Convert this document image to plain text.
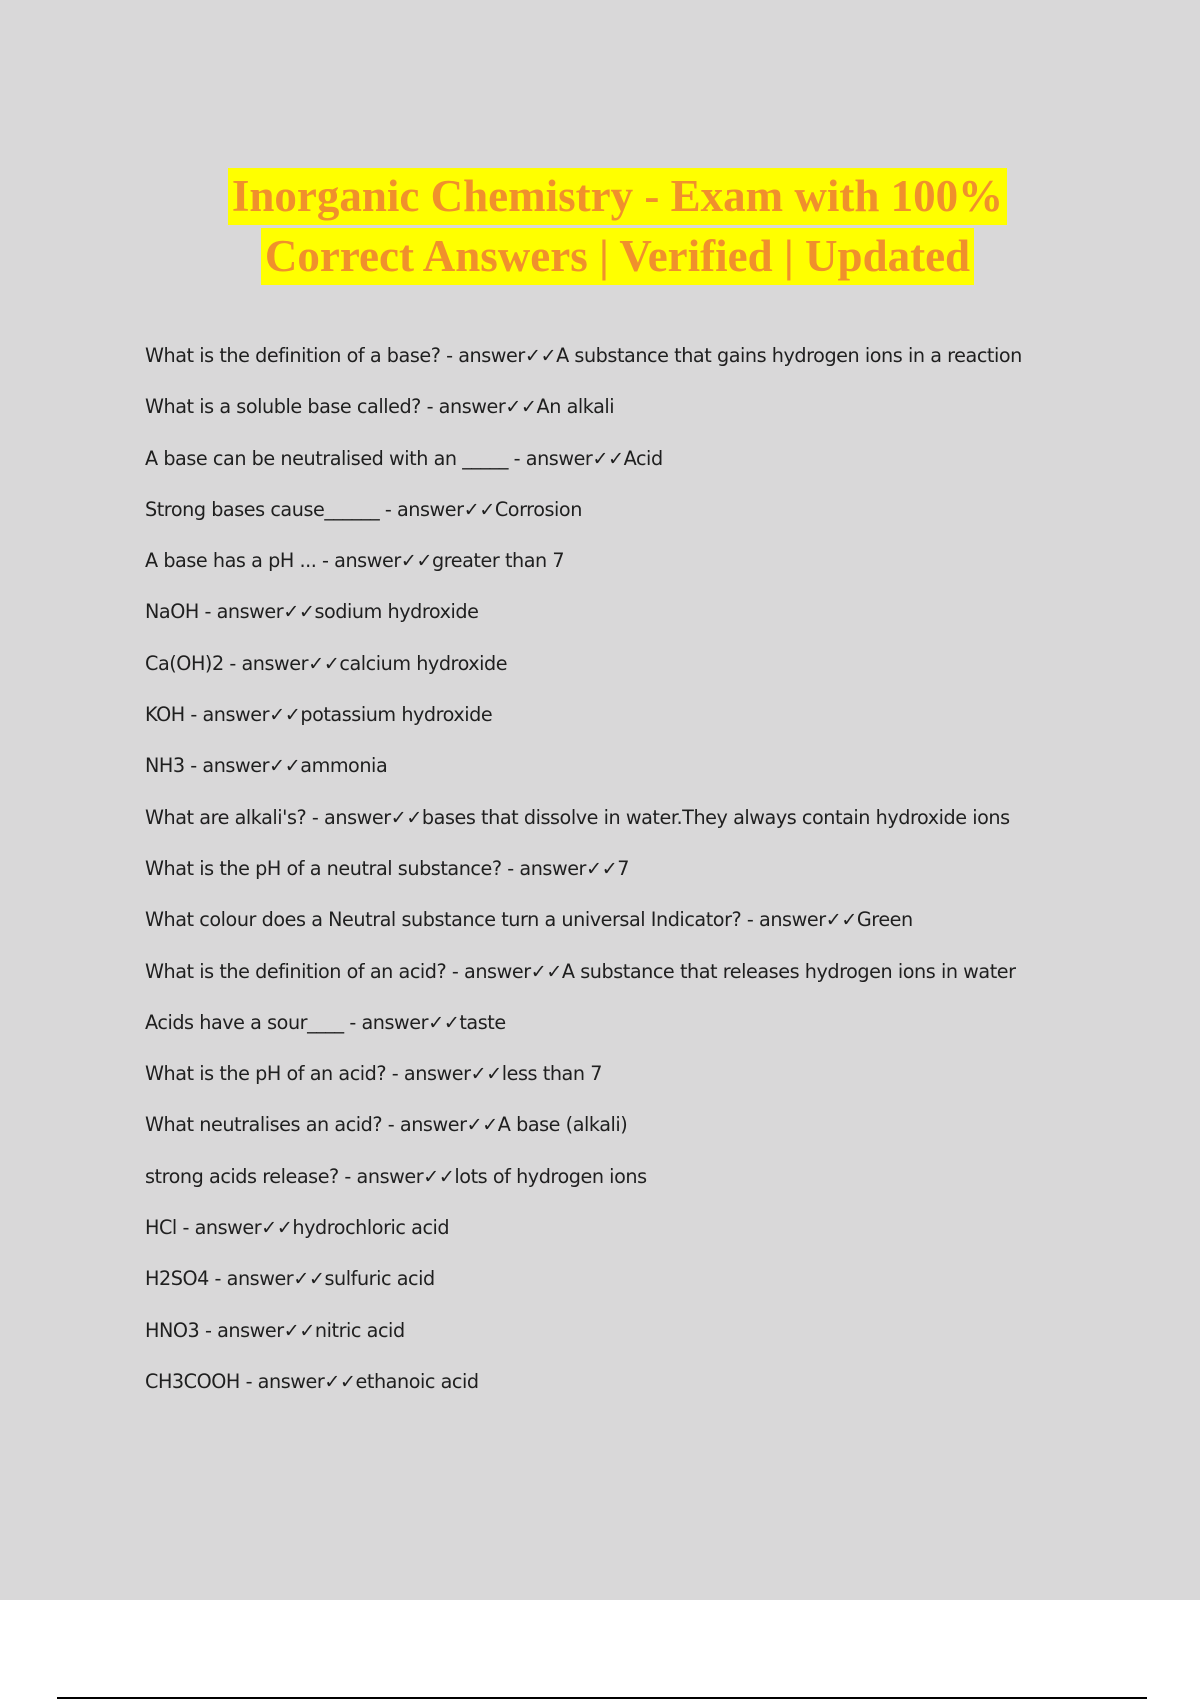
Inorganic Chemistry - Exam with 100%
Correct Answers | Verified | Updated
What is the definition of a base? - answer✓✓A substance that gains hydrogen ions in a reaction
What is a soluble base called? - answer✓✓An alkali
A base can be neutralised with an _____ - answer✓✓Acid
Strong bases cause______ - answer✓✓Corrosion
A base has a pH ... - answer✓✓greater than 7
NaOH - answer✓✓sodium hydroxide
Ca(OH)2 - answer✓✓calcium hydroxide
KOH - answer✓✓potassium hydroxide
NH3 - answer✓✓ammonia
What are alkali's? - answer✓✓bases that dissolve in water.They always contain hydroxide ions
What is the pH of a neutral substance? - answer✓✓7
What colour does a Neutral substance turn a universal Indicator? - answer✓✓Green
What is the definition of an acid? - answer✓✓A substance that releases hydrogen ions in water
Acids have a sour____ - answer✓✓taste
What is the pH of an acid? - answer✓✓less than 7
What neutralises an acid? - answer✓✓A base (alkali)
strong acids release? - answer✓✓lots of hydrogen ions
HCl - answer✓✓hydrochloric acid
H2SO4 - answer✓✓sulfuric acid
HNO3 - answer✓✓nitric acid
CH3COOH - answer✓✓ethanoic acid
